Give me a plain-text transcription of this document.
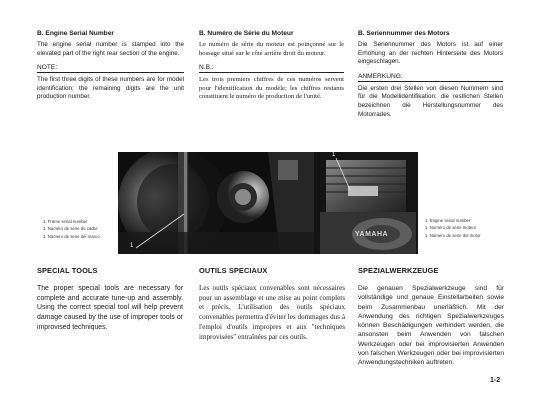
B. Engine Serial Number

The engine serial number is stamped into the elevated part of the right rear section of the engine.

NOTE:

The first three digits of these numbers are for model identification; the remaining digits are the unit production number.

B. Numéro de Série du Moteur

Le numéro de série du moteur est poinçonné sur le bossage situé sur le côté arrière droit du moteur.

N.B.:

Les trois premiers chiffres de ces numéros servent pour l'identification du modèle; les chiffres restants constituent le numéro de production de l'unité.

B. Seriennummer des Motors

Die Seriennummer des Motors ist auf einer Erhöhung an der rechten Hinterseite des Motors eingeschlagen.

ANMERKUNG:

Die ersten drei Stellen von diesen Nummern sind für die Modellidentifikation; die restlichen Stellen bezeichnen die Herstellungsnummer des Motorrades.

1
1. Frame serial number
1. Numéro de série du cadre
1. Nümero de serie del marco
1
YAMAHA
1. Engine serial number
1. Numéro de série moteur
1. Número de serie del motor
SPECIAL TOOLS
The proper special tools are necessary for complete and accurate tune-up and assembly. Using the correct special tool will help prevent damage caused by the use of improper tools or improvised techniques.
OUTILS SPECIAUX
Les outils spéciaux convenables sont nécessaires pour un assemblage et une mise au point complets et précis. L'utilisation des outils spéciaux convenables permettra d'éviter les dommages dus à l'emploi d'outils impropres et aux "techniques improvisées" entraînées par ces outils.
SPEZIALWERKZEUGE
Die genauen Spezialwerkzeuge sind für vollständige und genaue Einstellarbeiten sowie beim Zusammenbau unerläßlich. Mit der Anwendung des richtigen Spezialwerkzeuges können Beschädigungen verhindert werden, die ansonsten beim Anwenden von falschen Werkzeugen oder bei improvisierten Anwenden von falschen Werkzeugen oder bei improvisierten Anwendungstechniken auftreten.
1-2
